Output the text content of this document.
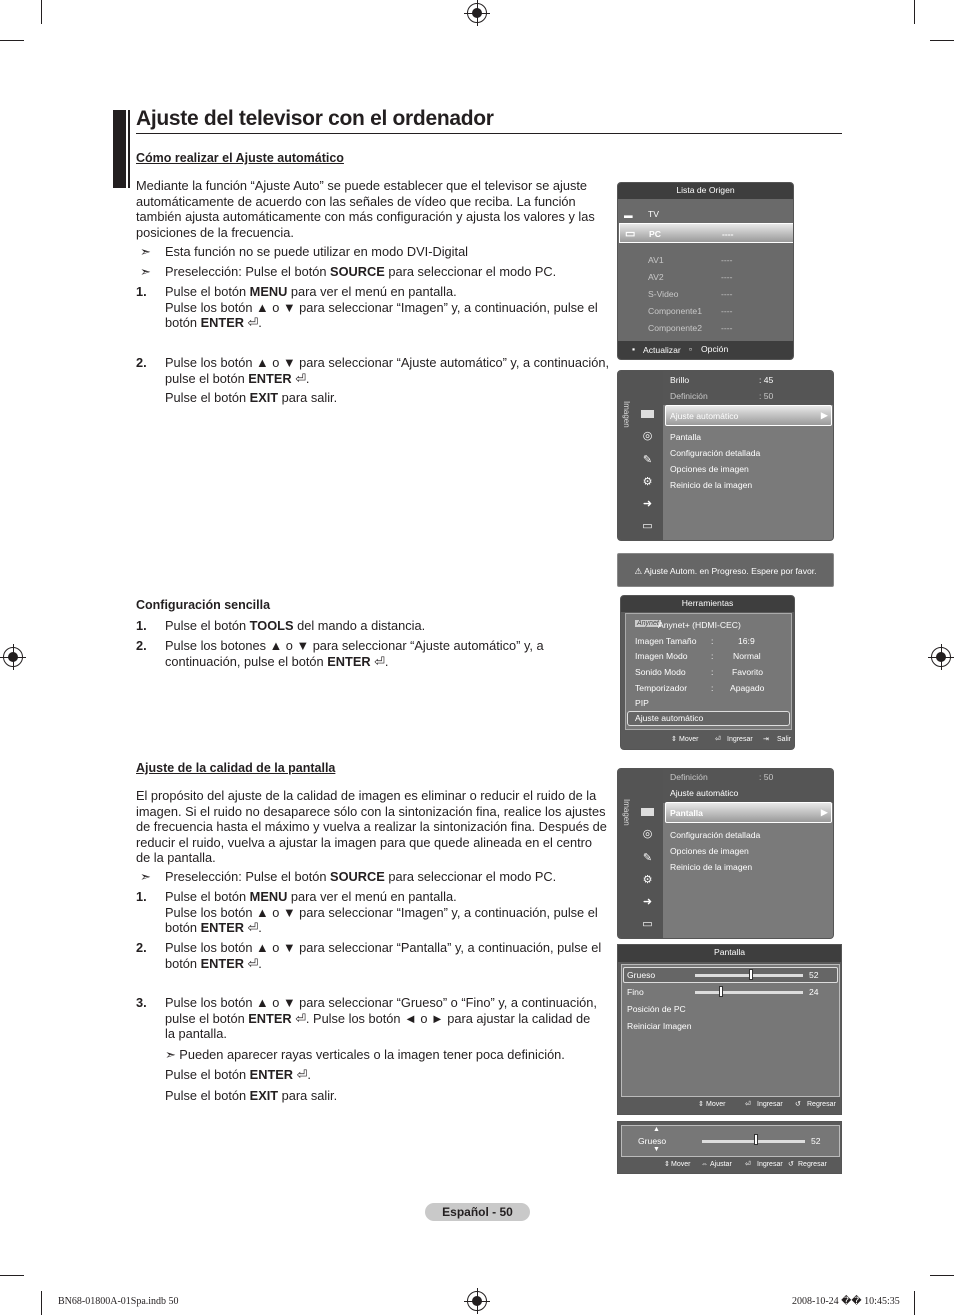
Ajuste del televisor con el ordenador
Cómo realizar el Ajuste automático
Mediante la función “Ajuste Auto” se puede establecer que el televisor se ajuste automáticamente de acuerdo con las señales de vídeo que reciba. La función también ajusta automáticamente con más configuración y ajusta los valores y las posiciones de la frecuencia.
➣ Esta función no se puede utilizar en modo DVI-Digital
➣ Preselección: Pulse el botón SOURCE para seleccionar el modo PC.
1. Pulse el botón MENU para ver el menú en pantalla.
Pulse los botón ▲ o ▼ para seleccionar “Imagen” y, a continuación, pulse el
botón ENTER ⏎.
2. Pulse los botón ▲ o ▼ para seleccionar “Ajuste automático” y, a continuación,
pulse el botón ENTER ⏎.

Pulse el botón EXIT para salir.
Configuración sencilla
1. Pulse el botón TOOLS del mando a distancia.
2. Pulse los botones ▲ o ▼ para seleccionar “Ajuste automático” y, a
continuación, pulse el botón ENTER ⏎.
Ajuste de la calidad de la pantalla
El propósito del ajuste de la calidad de imagen es eliminar o reducir el ruido de la imagen. Si el ruido no desaparece sólo con la sintonización fina, realice los ajustes de frecuencia hasta el máximo y vuelva a realizar la sintonización fina. Después de reducir el ruido, vuelva a ajustar la imagen para que quede alineada en el centro de la pantalla.
➣ Preselección: Pulse el botón SOURCE para seleccionar el modo PC.
1. Pulse el botón MENU para ver el menú en pantalla.
Pulse los botón ▲ o ▼ para seleccionar “Imagen” y, a continuación, pulse el
botón ENTER ⏎.
2. Pulse los botón ▲ o ▼ para seleccionar “Pantalla” y, a continuación, pulse el
botón ENTER ⏎.
3. Pulse los botón ▲ o ▼ para seleccionar “Grueso” o “Fino” y, a continuación,
pulse el botón ENTER ⏎. Pulse los botón ◄ o ► para ajustar la calidad de
la pantalla.
➣ Pueden aparecer rayas verticales o la imagen tener poca definición.
Pulse el botón ENTER ⏎.
Pulse el botón EXIT para salir.
Lista de Origen
▬ TV
▭ PC	----
AV1	----
AV2	----
S-Video	----
Componente1 ----
Componente2 ----
▪ Actualizar ▫ Opción
Imagen
◎
✎
⚙
➜
▭
Brillo	: 45
Definición	: 50
Ajuste automático	▶
Pantalla
Configuración detallada
Opciones de imagen
Reinicio de la imagen
⚠ Ajuste Autom. en Progreso. Espere por favor.
Herramientas
Anynet Anynet+ (HDMI-CEC)
Imagen Tamaño :	16:9
Imagen Modo	: Normal
Sonido Modo	: Favorito
Temporizador	: Apagado
PIP
Ajuste automático
⇕ Mover ⏎ Ingresar ⇥ Salir
Imagen
◎
✎
⚙
➜
▭
Definición	: 50
Ajuste automático
Pantalla	▶
Configuración detallada
Opciones de imagen
Reinicio de la imagen
Pantalla
Grueso	52
Fino	24
Posición de PC
Reiniciar Imagen
⇕ Mover	⏎ Ingresar ↺ Regresar
▲
Grueso
▼
52
⇕ Mover ⇔ Ajustar ⏎ Ingresar ↺ Regresar
Español - 50
BN68-01800A-01Spa.indb 50	2008-10-24 �� 10:45:35
